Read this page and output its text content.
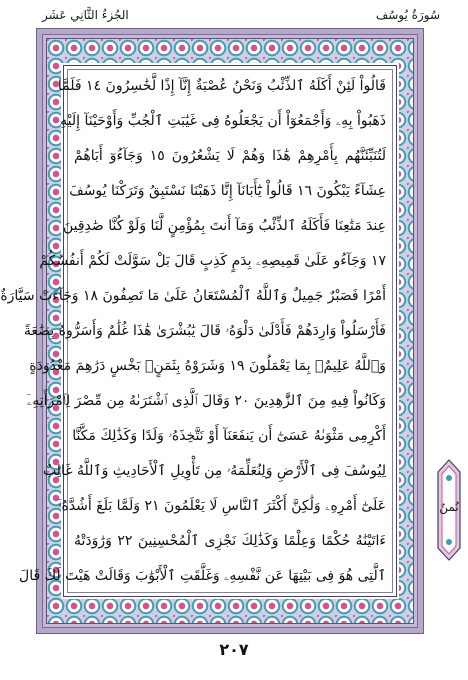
الجُزءُ الثَّانِي عَشَر	سُورَةُ يُوسُف
قَالُواْ لَئِنْ أَكَلَهُ ٱلذِّئْبُ وَنَحْنُ عُصْبَةٌ إِنَّآ إِذًا لَّخَٰسِرُونَ ١٤ فَلَمَّا
ذَهَبُواْ بِهِۦ وَأَجْمَعُوٓاْ أَن يَجْعَلُوهُ فِى غَيَٰبَتِ ٱلْجُبِّ وَأَوْحَيْنَآ إِلَيْهِ
لَتُنَبِّئَنَّهُم بِأَمْرِهِمْ هَٰذَا وَهُمْ لَا يَشْعُرُونَ ١٥ وَجَآءُوٓ أَبَاهُمْ
عِشَآءً يَبْكُونَ ١٦ قَالُواْ يَٰٓأَبَانَآ إِنَّا ذَهَبْنَا نَسْتَبِقُ وَتَرَكْنَا يُوسُفَ
عِندَ مَتَٰعِنَا فَأَكَلَهُ ٱلذِّئْبُ وَمَآ أَنتَ بِمُؤْمِنٍ لَّنَا وَلَوْ كُنَّا صَٰدِقِينَ
١٧ وَجَآءُو عَلَىٰ قَمِيصِهِۦ بِدَمٍ كَذِبٍ قَالَ بَلْ سَوَّلَتْ لَكُمْ أَنفُسُكُمْ
أَمْرًا فَصَبْرٌ جَمِيلٌ وَٱللَّهُ ٱلْمُسْتَعَانُ عَلَىٰ مَا تَصِفُونَ ١٨ وَجَآءَتْ سَيَّارَةٌ
فَأَرْسَلُواْ وَارِدَهُمْ فَأَدْلَىٰ دَلْوَهُۥ قَالَ يَٰبُشْرَىٰ هَٰذَا غُلَٰمٌ وَأَسَرُّوهُ بِضَٰعَةً
وَٱللَّهُ عَلِيمٌۢ بِمَا يَعْمَلُونَ ١٩ وَشَرَوْهُ بِثَمَنٍۭ بَخْسٍ دَرَٰهِمَ مَعْدُودَةٍ
وَكَانُواْ فِيهِ مِنَ ٱلزَّٰهِدِينَ ٢٠ وَقَالَ ٱلَّذِى ٱشْتَرَىٰهُ مِن مِّصْرَ لِٱمْرَأَتِهِۦٓ
أَكْرِمِى مَثْوَىٰهُ عَسَىٰٓ أَن يَنفَعَنَآ أَوْ نَتَّخِذَهُۥ وَلَدًا وَكَذَٰلِكَ مَكَّنَّا
لِيُوسُفَ فِى ٱلْأَرْضِ وَلِنُعَلِّمَهُۥ مِن تَأْوِيلِ ٱلْأَحَادِيثِ وَٱللَّهُ غَالِبٌ
عَلَىٰٓ أَمْرِهِۦ وَلَٰكِنَّ أَكْثَرَ ٱلنَّاسِ لَا يَعْلَمُونَ ٢١ وَلَمَّا بَلَغَ أَشُدَّهُۥٓ
ءَاتَيْنَٰهُ حُكْمًا وَعِلْمًا وَكَذَٰلِكَ نَجْزِى ٱلْمُحْسِنِينَ ٢٢ وَرَٰوَدَتْهُ
ٱلَّتِى هُوَ فِى بَيْتِهَا عَن نَّفْسِهِۦ وَغَلَّقَتِ ٱلْأَبْوَٰبَ وَقَالَتْ هَيْتَ لَكَ قَالَ
نُمنٌ
٢٠٧
